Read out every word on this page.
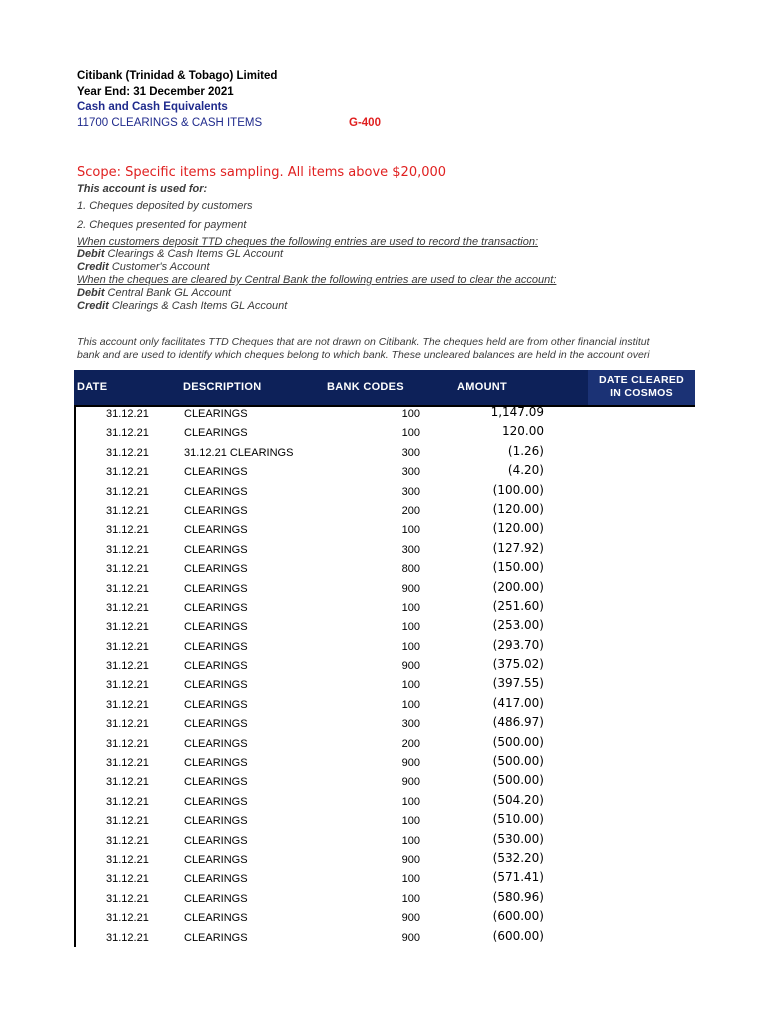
Citibank (Trinidad & Tobago) Limited
Year End: 31 December 2021
Cash and Cash Equivalents
11700 CLEARINGS & CASH ITEMS	G-400
Scope: Specific items sampling. All items above $20,000
This account is used for:
1. Cheques deposited by customers
2. Cheques presented for payment
When customers deposit TTD cheques the following entries are used to record the transaction:
Debit Clearings & Cash Items GL Account
Credit Customer's Account
When the cheques are cleared by Central Bank the following entries are used to clear the account:
Debit Central Bank GL Account
Credit Clearings & Cash Items GL Account
This account only facilitates TTD Cheques that are not drawn on Citibank. The cheques held are from other financial institut
bank and are used to identify which cheques belong to which bank. These uncleared balances are held in the account overi
DATE	DESCRIPTION	BANK CODES	AMOUNT
DATE CLEARED
IN COSMOS
31.12.21	CLEARINGS	100	1,147.09
31.12.21	CLEARINGS	100	120.00
31.12.21	31.12.21 CLEARINGS	300	(1.26)
31.12.21	CLEARINGS	300	(4.20)
31.12.21	CLEARINGS	300	(100.00)
31.12.21	CLEARINGS	200	(120.00)
31.12.21	CLEARINGS	100	(120.00)
31.12.21	CLEARINGS	300	(127.92)
31.12.21	CLEARINGS	800	(150.00)
31.12.21	CLEARINGS	900	(200.00)
31.12.21	CLEARINGS	100	(251.60)
31.12.21	CLEARINGS	100	(253.00)
31.12.21	CLEARINGS	100	(293.70)
31.12.21	CLEARINGS	900	(375.02)
31.12.21	CLEARINGS	100	(397.55)
31.12.21	CLEARINGS	100	(417.00)
31.12.21	CLEARINGS	300	(486.97)
31.12.21	CLEARINGS	200	(500.00)
31.12.21	CLEARINGS	900	(500.00)
31.12.21	CLEARINGS	900	(500.00)
31.12.21	CLEARINGS	100	(504.20)
31.12.21	CLEARINGS	100	(510.00)
31.12.21	CLEARINGS	100	(530.00)
31.12.21	CLEARINGS	900	(532.20)
31.12.21	CLEARINGS	100	(571.41)
31.12.21	CLEARINGS	100	(580.96)
31.12.21	CLEARINGS	900	(600.00)
31.12.21	CLEARINGS	900	(600.00)
